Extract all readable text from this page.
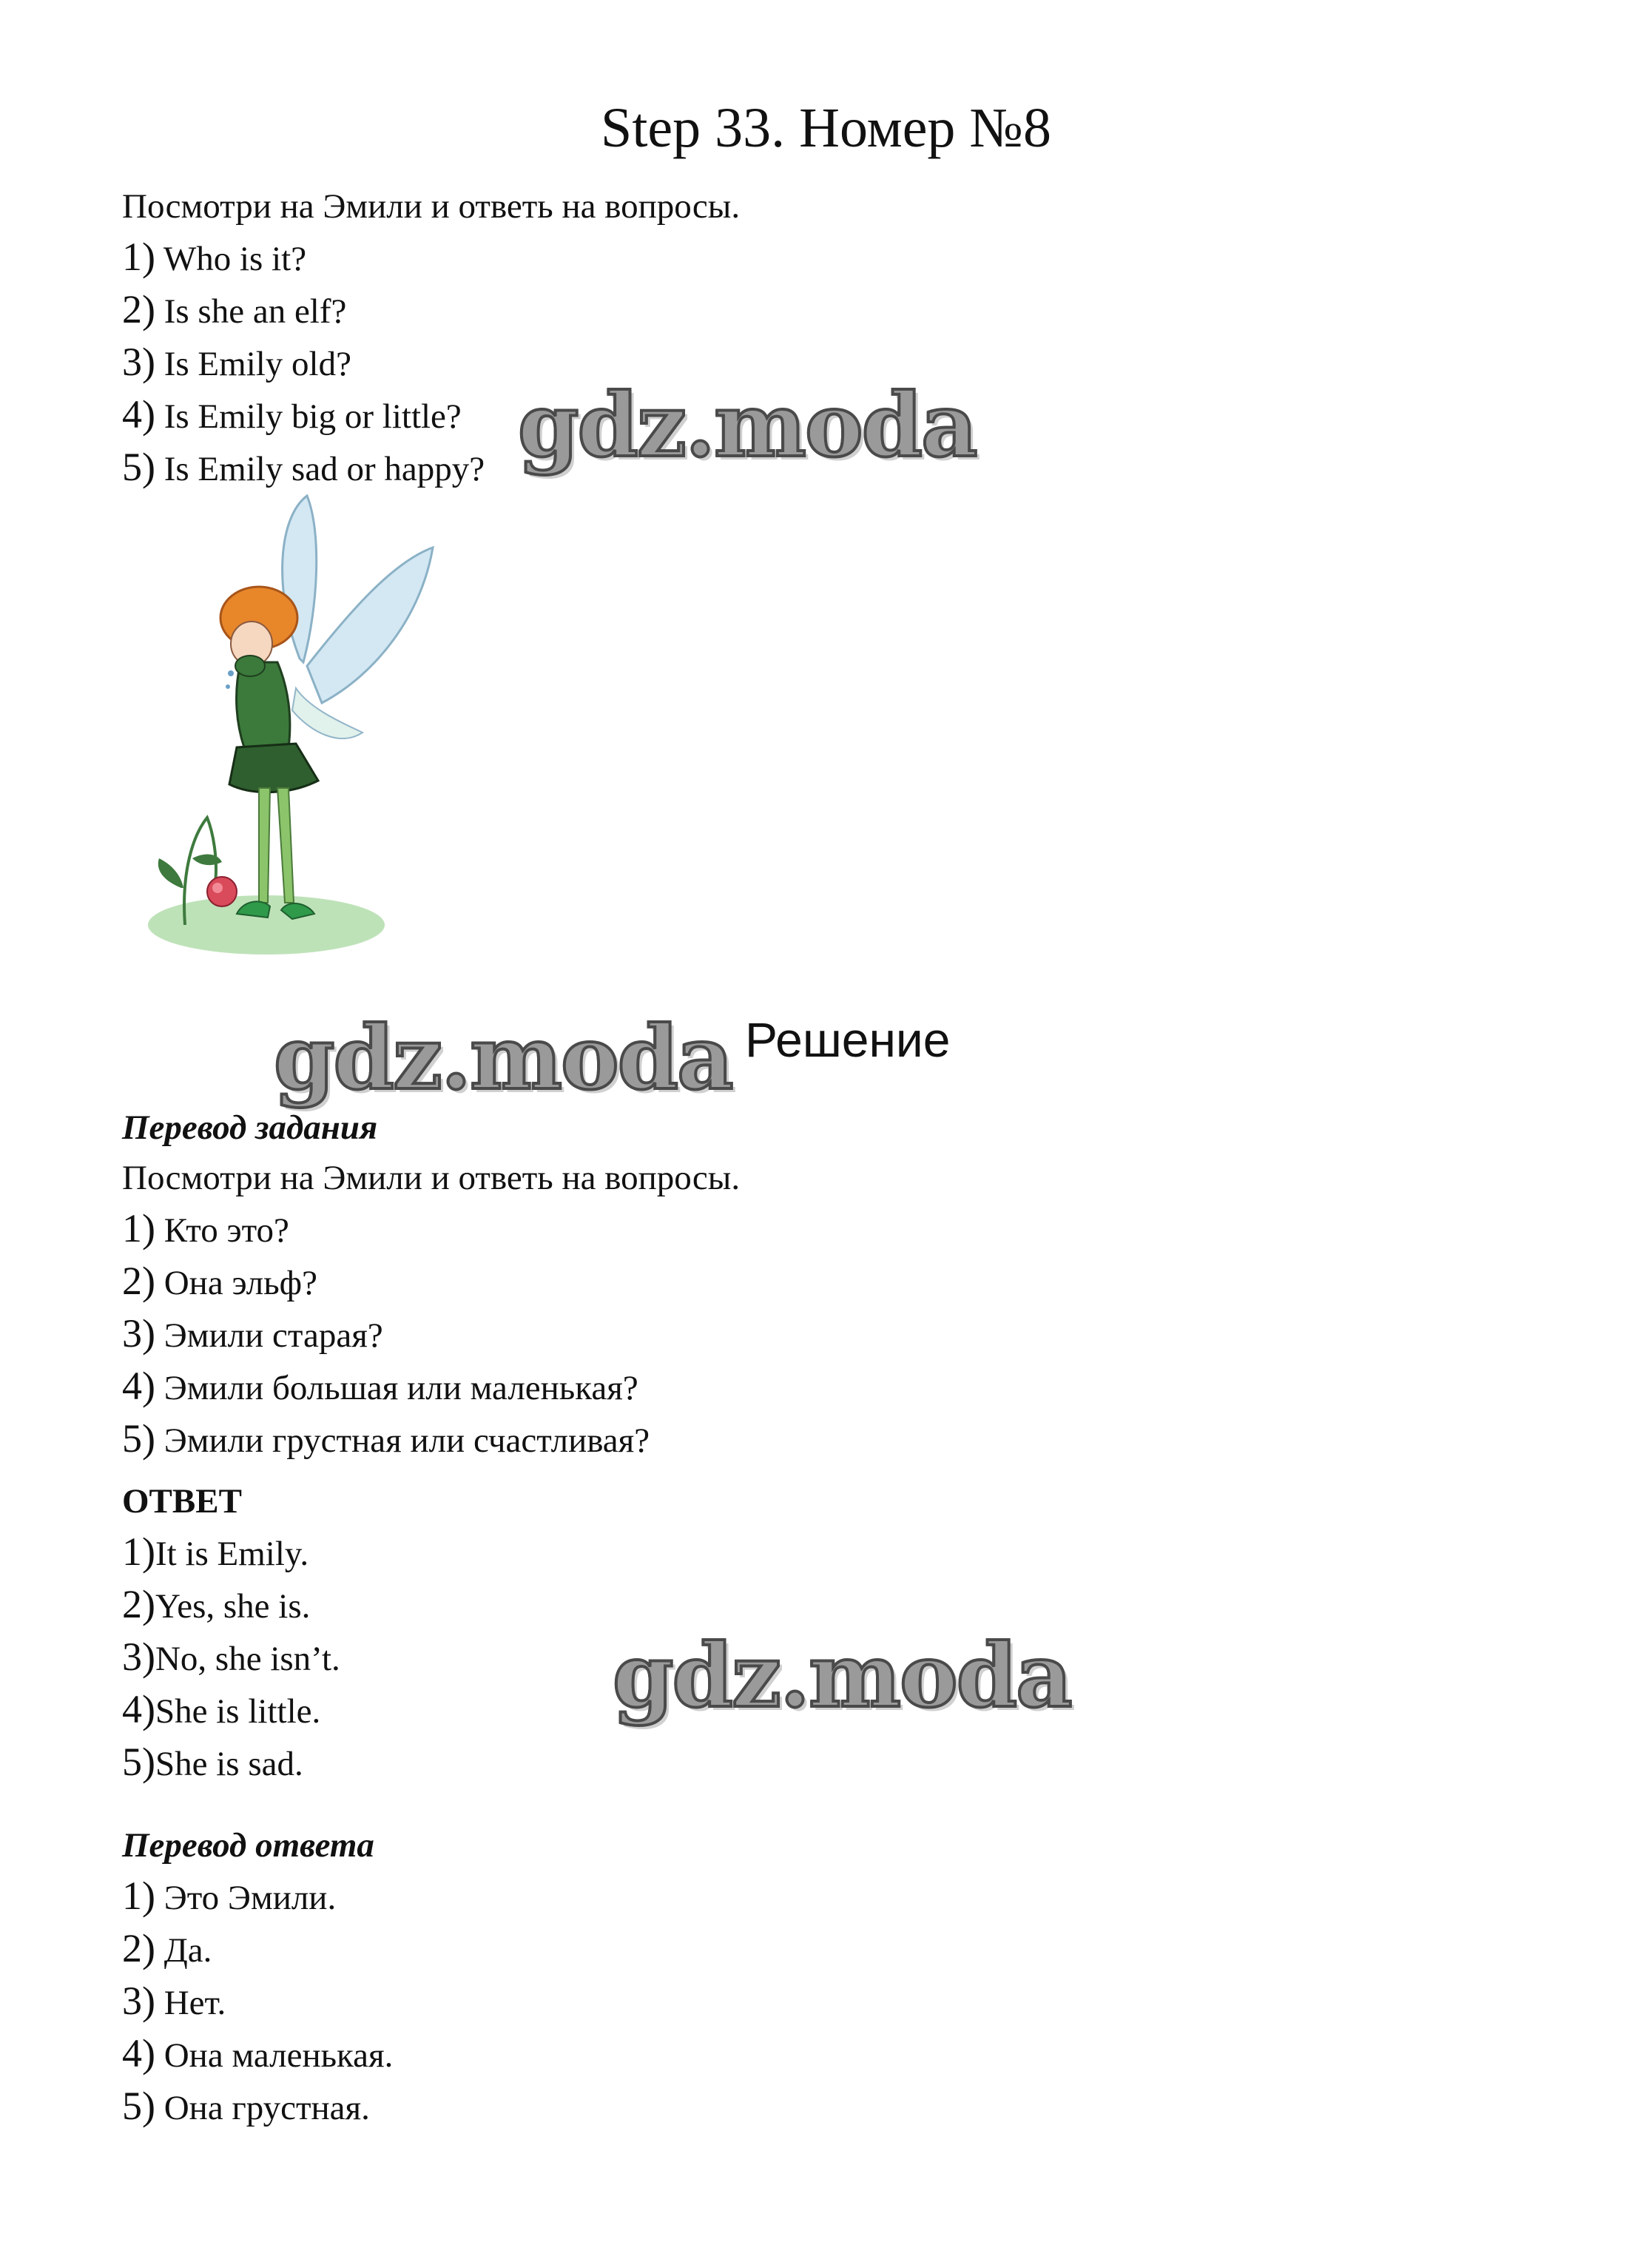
Step 33. Номер №8
Посмотри на Эмили и ответь на вопросы.
1) Who is it?
2) Is she an elf?
3) Is Emily old?
4) Is Emily big or little?
5) Is Emily sad or happy? gdz.moda
gdz.moda Решение
Перевод задания
Посмотри на Эмили и ответь на вопросы.
1) Кто это?
2) Она эльф?
3) Эмили старая?
4) Эмили большая или маленькая?
5) Эмили грустная или счастливая?
ОТВЕТ
1)It is Emily.
2)Yes, she is.
3)No, she isn’t.
4)She is little.
5)She is sad.
gdz.moda
Перевод ответа
1) Это Эмили.
2) Да.
3) Нет.
4) Она маленькая.
5) Она грустная.
